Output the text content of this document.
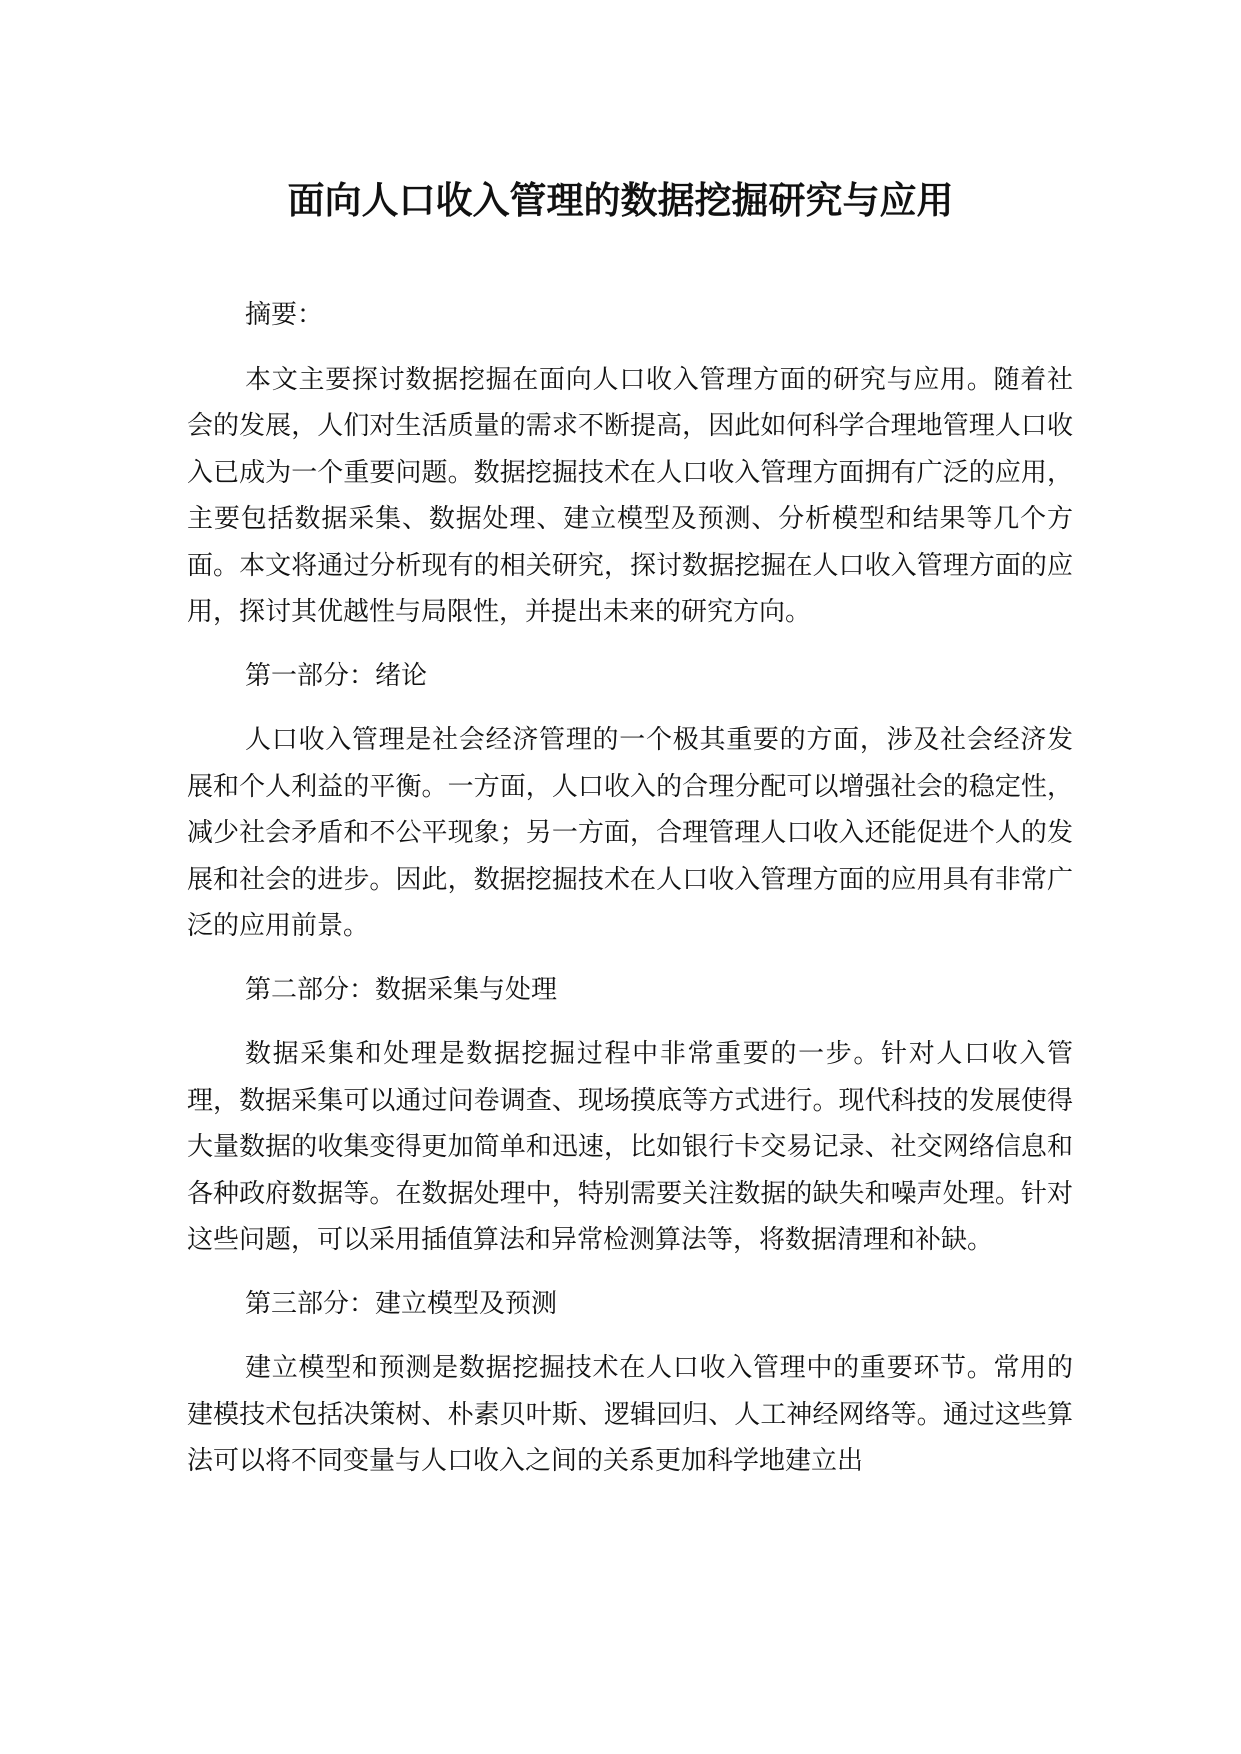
面向人口收入管理的数据挖掘研究与应用

摘要：

本文主要探讨数据挖掘在面向人口收入管理方面的研究与应用。随着社会的发展，人们对生活质量的需求不断提高，因此如何科学合理地管理人口收入已成为一个重要问题。数据挖掘技术在人口收入管理方面拥有广泛的应用，主要包括数据采集、数据处理、建立模型及预测、分析模型和结果等几个方面。本文将通过分析现有的相关研究，探讨数据挖掘在人口收入管理方面的应用，探讨其优越性与局限性，并提出未来的研究方向。

第一部分：绪论

人口收入管理是社会经济管理的一个极其重要的方面，涉及社会经济发展和个人利益的平衡。一方面，人口收入的合理分配可以增强社会的稳定性，减少社会矛盾和不公平现象；另一方面，合理管理人口收入还能促进个人的发展和社会的进步。因此，数据挖掘技术在人口收入管理方面的应用具有非常广泛的应用前景。

第二部分：数据采集与处理

数据采集和处理是数据挖掘过程中非常重要的一步。针对人口收入管理，数据采集可以通过问卷调查、现场摸底等方式进行。现代科技的发展使得大量数据的收集变得更加简单和迅速，比如银行卡交易记录、社交网络信息和各种政府数据等。在数据处理中，特别需要关注数据的缺失和噪声处理。针对这些问题，可以采用插值算法和异常检测算法等，将数据清理和补缺。

第三部分：建立模型及预测

建立模型和预测是数据挖掘技术在人口收入管理中的重要环节。常用的建模技术包括决策树、朴素贝叶斯、逻辑回归、人工神经网络等。通过这些算法可以将不同变量与人口收入之间的关系更加科学地建立出
